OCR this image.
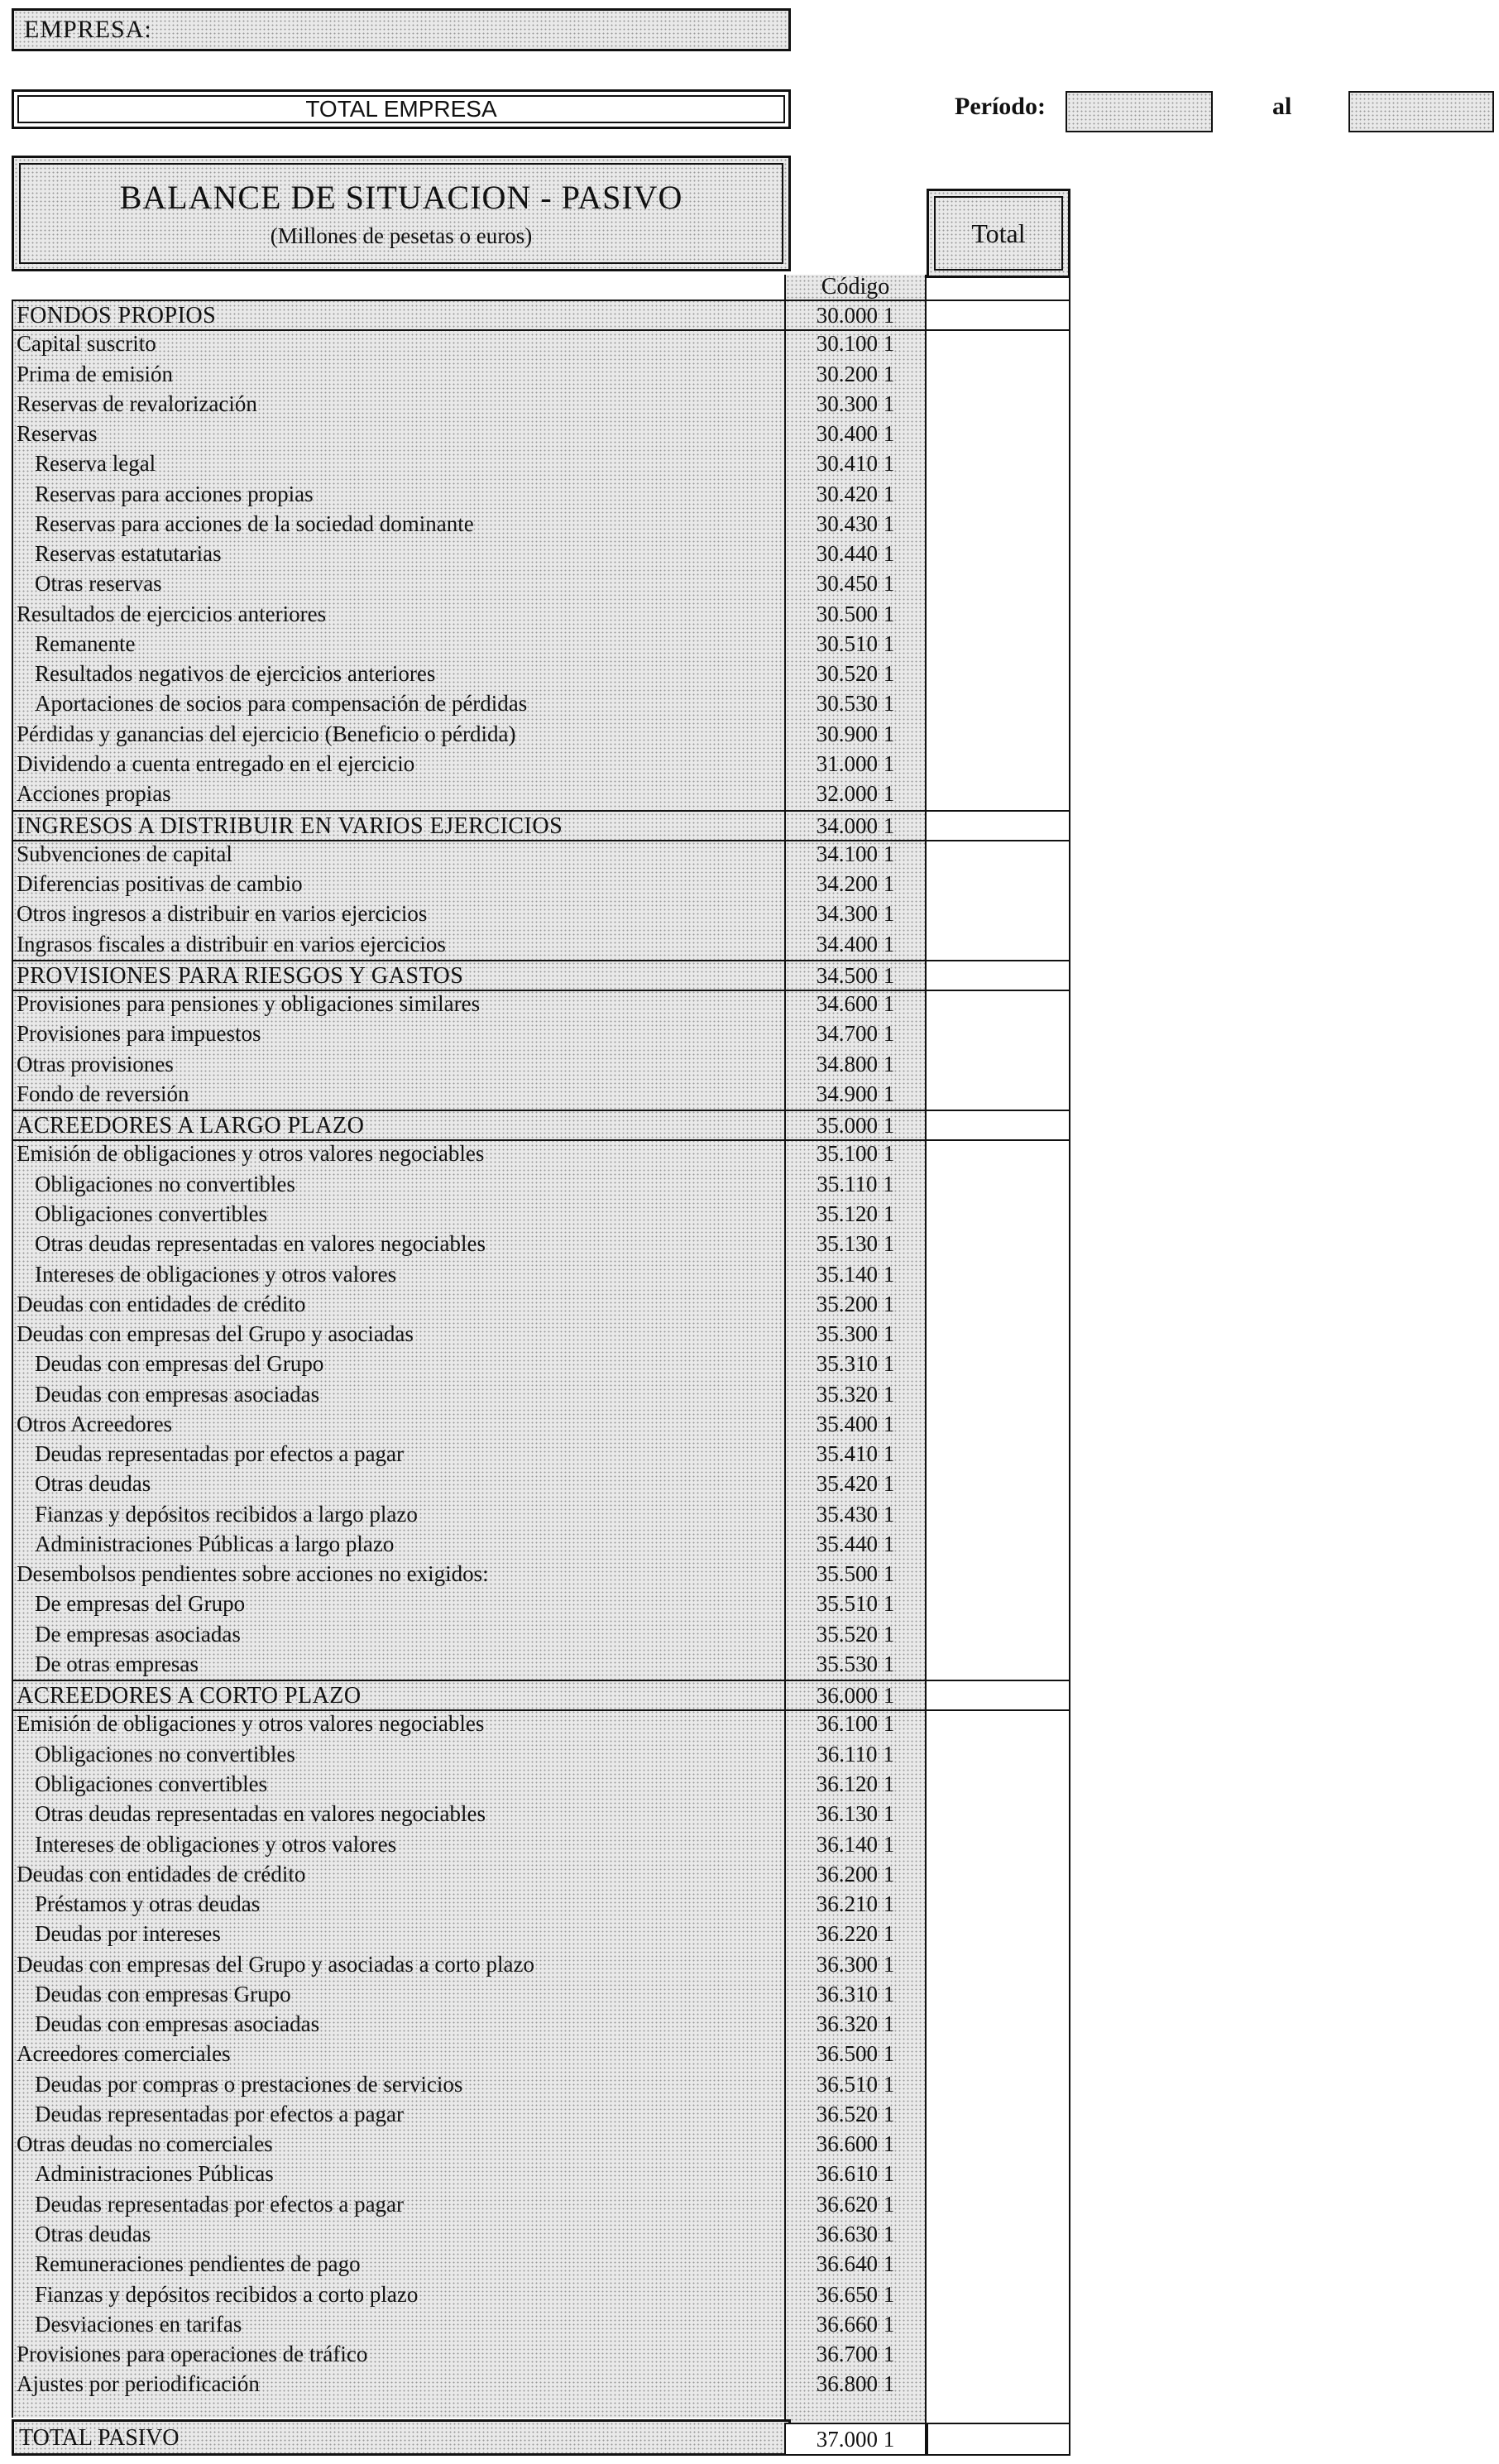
EMPRESA:
TOTAL EMPRESA	Período:	al
BALANCE DE SITUACION - PASIVO
(Millones de pesetas o euros)	Total
Código
FONDOS PROPIOS	30.000 1
Capital suscrito	30.100 1
Prima de emisión	30.200 1
Reservas de revalorización	30.300 1
Reservas	30.400 1
Reserva legal	30.410 1
Reservas para acciones propias	30.420 1
Reservas para acciones de la sociedad dominante	30.430 1
Reservas estatutarias	30.440 1
Otras reservas	30.450 1
Resultados de ejercicios anteriores	30.500 1
Remanente	30.510 1
Resultados negativos de ejercicios anteriores	30.520 1
Aportaciones de socios para compensación de pérdidas	30.530 1
Pérdidas y ganancias del ejercicio (Beneficio o pérdida)	30.900 1
Dividendo a cuenta entregado en el ejercicio	31.000 1
Acciones propias	32.000 1
INGRESOS A DISTRIBUIR EN VARIOS EJERCICIOS	34.000 1
Subvenciones de capital	34.100 1
Diferencias positivas de cambio	34.200 1
Otros ingresos a distribuir en varios ejercicios	34.300 1
Ingrasos fiscales a distribuir en varios ejercicios	34.400 1
PROVISIONES PARA RIESGOS Y GASTOS	34.500 1
Provisiones para pensiones y obligaciones similares	34.600 1
Provisiones para impuestos	34.700 1
Otras provisiones	34.800 1
Fondo de reversión	34.900 1
ACREEDORES A LARGO PLAZO	35.000 1
Emisión de obligaciones y otros valores negociables	35.100 1
Obligaciones no convertibles	35.110 1
Obligaciones convertibles	35.120 1
Otras deudas representadas en valores negociables	35.130 1
Intereses de obligaciones y otros valores	35.140 1
Deudas con entidades de crédito	35.200 1
Deudas con empresas del Grupo y asociadas	35.300 1
Deudas con empresas del Grupo	35.310 1
Deudas con empresas asociadas	35.320 1
Otros Acreedores	35.400 1
Deudas representadas por efectos a pagar	35.410 1
Otras deudas	35.420 1
Fianzas y depósitos recibidos a largo plazo	35.430 1
Administraciones Públicas a largo plazo	35.440 1
Desembolsos pendientes sobre acciones no exigidos:	35.500 1
De empresas del Grupo	35.510 1
De empresas asociadas	35.520 1
De otras empresas	35.530 1
ACREEDORES A CORTO PLAZO	36.000 1
Emisión de obligaciones y otros valores negociables	36.100 1
Obligaciones no convertibles	36.110 1
Obligaciones convertibles	36.120 1
Otras deudas representadas en valores negociables	36.130 1
Intereses de obligaciones y otros valores	36.140 1
Deudas con entidades de crédito	36.200 1
Préstamos y otras deudas	36.210 1
Deudas por intereses	36.220 1
Deudas con empresas del Grupo y asociadas a corto plazo	36.300 1
Deudas con empresas Grupo	36.310 1
Deudas con empresas asociadas	36.320 1
Acreedores comerciales	36.500 1
Deudas por compras o prestaciones de servicios	36.510 1
Deudas representadas por efectos a pagar	36.520 1
Otras deudas no comerciales	36.600 1
Administraciones Públicas	36.610 1
Deudas representadas por efectos a pagar	36.620 1
Otras deudas	36.630 1
Remuneraciones pendientes de pago	36.640 1
Fianzas y depósitos recibidos a corto plazo	36.650 1
Desviaciones en tarifas	36.660 1
Provisiones para operaciones de tráfico	36.700 1
Ajustes por periodificación	36.800 1
TOTAL PASIVO	37.000 1
